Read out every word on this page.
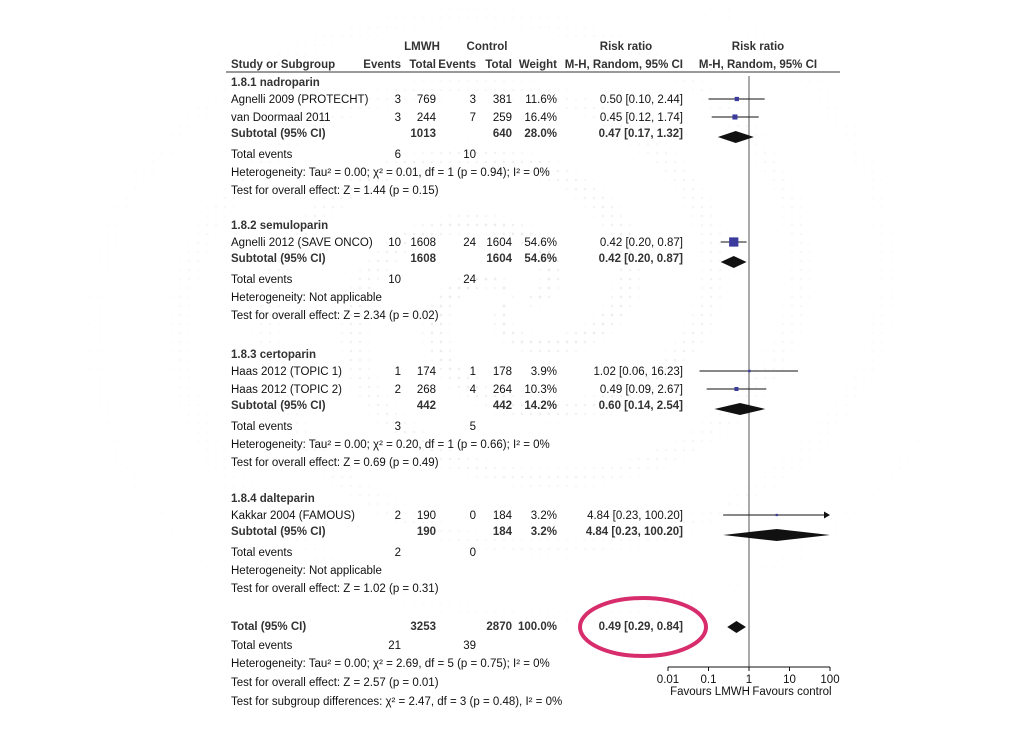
LMWH Control	Risk ratio	Risk ratio
Study or Subgroup Events Total Events Total Weight M-H, Random, 95% CI M-H, Random, 95% CI
1.8.1 nadroparin
Agnelli 2009 (PROTECHT) 3 769	3 381 11.6%	0.50 [0.10, 2.44]
van Doormaal 2011	3 244	7 259 16.4%	0.45 [0.12, 1.74]
Subtotal (95% CI)	1013	640 28.0%	0.47 [0.17, 1.32]
Total events	6	10
Heterogeneity: Tau² = 0.00; χ² = 0.01, df = 1 (p = 0.94); I² = 0%
Test for overall effect: Z = 1.44 (p = 0.15)
1.8.2 semuloparin
Agnelli 2012 (SAVE ONCO) 10 1608 24 1604 54.6%	0.42 [0.20, 0.87]
Subtotal (95% CI)	1608	1604 54.6%	0.42 [0.20, 0.87]
Total events	10	24
Heterogeneity: Not applicable
Test for overall effect: Z = 2.34 (p = 0.02)
1.8.3 certoparin
Haas 2012 (TOPIC 1)	1 174	1 178 3.9%	1.02 [0.06, 16.23]
Haas 2012 (TOPIC 2)	2 268	4 264 10.3%	0.49 [0.09, 2.67]
Subtotal (95% CI)	442	442 14.2%	0.60 [0.14, 2.54]
Total events	3	5
Heterogeneity: Tau² = 0.00; χ² = 0.20, df = 1 (p = 0.66); I² = 0%
Test for overall effect: Z = 0.69 (p = 0.49)
1.8.4 dalteparin
Kakkar 2004 (FAMOUS)	2 190	0 184 3.2%	4.84 [0.23, 100.20]
Subtotal (95% CI)	190	184 3.2%	4.84 [0.23, 100.20]
Total events	2	0
Heterogeneity: Not applicable
Test for overall effect: Z = 1.02 (p = 0.31)
Total (95% CI)	3253	2870 100.0%	0.49 [0.29, 0.84]
Total events	21	39
Heterogeneity: Tau² = 0.00; χ² = 2.69, df = 5 (p = 0.75); I² = 0%
Test for overall effect: Z = 2.57 (p = 0.01)
Test for subgroup differences: χ² = 2.47, df = 3 (p = 0.48), I² = 0%
0.01 0.1	1	10 100
Favours LMWH Favours control
